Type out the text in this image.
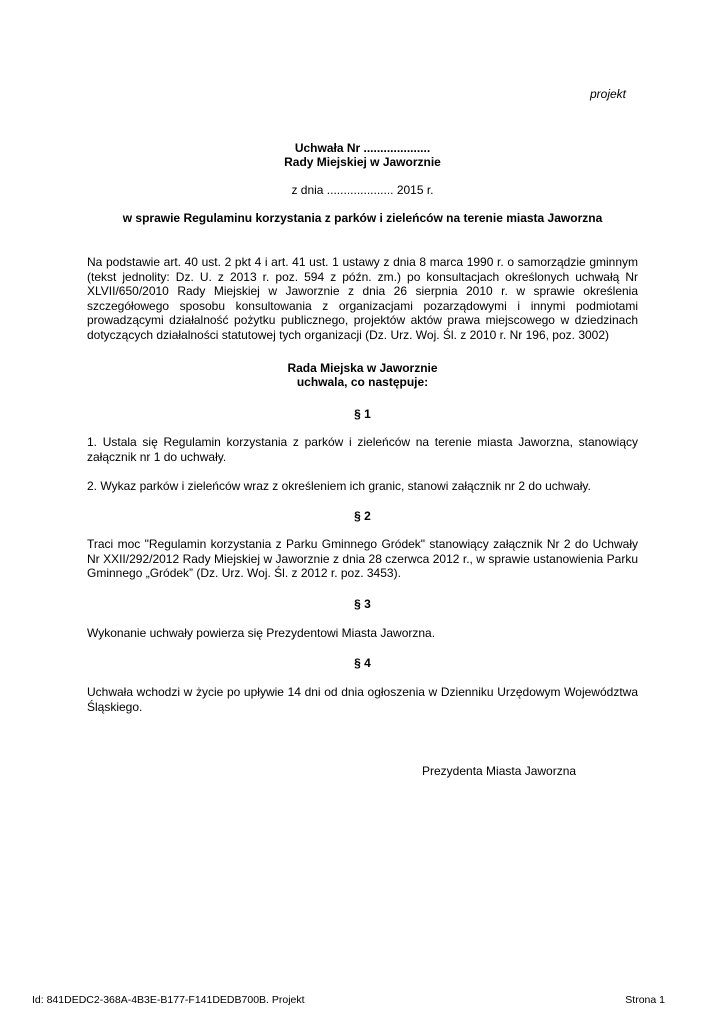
projekt
Uchwała Nr ....................
Rady Miejskiej w Jaworznie
z dnia .................... 2015 r.
w sprawie Regulaminu korzystania z parków i zieleńców na terenie miasta Jaworzna

Na podstawie art. 40 ust. 2 pkt 4 i art. 41 ust. 1 ustawy z dnia 8 marca 1990 r. o samorządzie gminnym (tekst jednolity: Dz. U. z 2013 r. poz. 594 z późn. zm.) po konsultacjach określonych uchwałą Nr XLVII/650/2010 Rady Miejskiej w Jaworznie z dnia 26 sierpnia 2010 r. w sprawie określenia szczegółowego sposobu konsultowania z organizacjami pozarządowymi i innymi podmiotami prowadzącymi działalność pożytku publicznego, projektów aktów prawa miejscowego w dziedzinach dotyczących działalności statutowej tych organizacji (Dz. Urz. Woj. Śl. z 2010 r. Nr 196, poz. 3002)

Rada Miejska w Jaworznie
uchwala, co następuje:
§ 1

1. Ustala się Regulamin korzystania z parków i zieleńców na terenie miasta Jaworzna, stanowiący załącznik nr 1 do uchwały.

2. Wykaz parków i zieleńców wraz z określeniem ich granic, stanowi załącznik nr 2 do uchwały.

§ 2

Traci moc "Regulamin korzystania z Parku Gminnego Gródek" stanowiący załącznik Nr 2 do Uchwały Nr XXII/292/2012 Rady Miejskiej w Jaworznie z dnia 28 czerwca 2012 r., w sprawie ustanowienia Parku Gminnego „Gródek” (Dz. Urz. Woj. Śl. z 2012 r. poz. 3453).

§ 3

Wykonanie uchwały powierza się Prezydentowi Miasta Jaworzna.

§ 4

Uchwała wchodzi w życie po upływie 14 dni od dnia ogłoszenia w Dzienniku Urzędowym Województwa Śląskiego.

Prezydenta Miasta Jaworzna
Id: 841DEDC2-368A-4B3E-B177-F141DEDB700B. Projekt	Strona 1
